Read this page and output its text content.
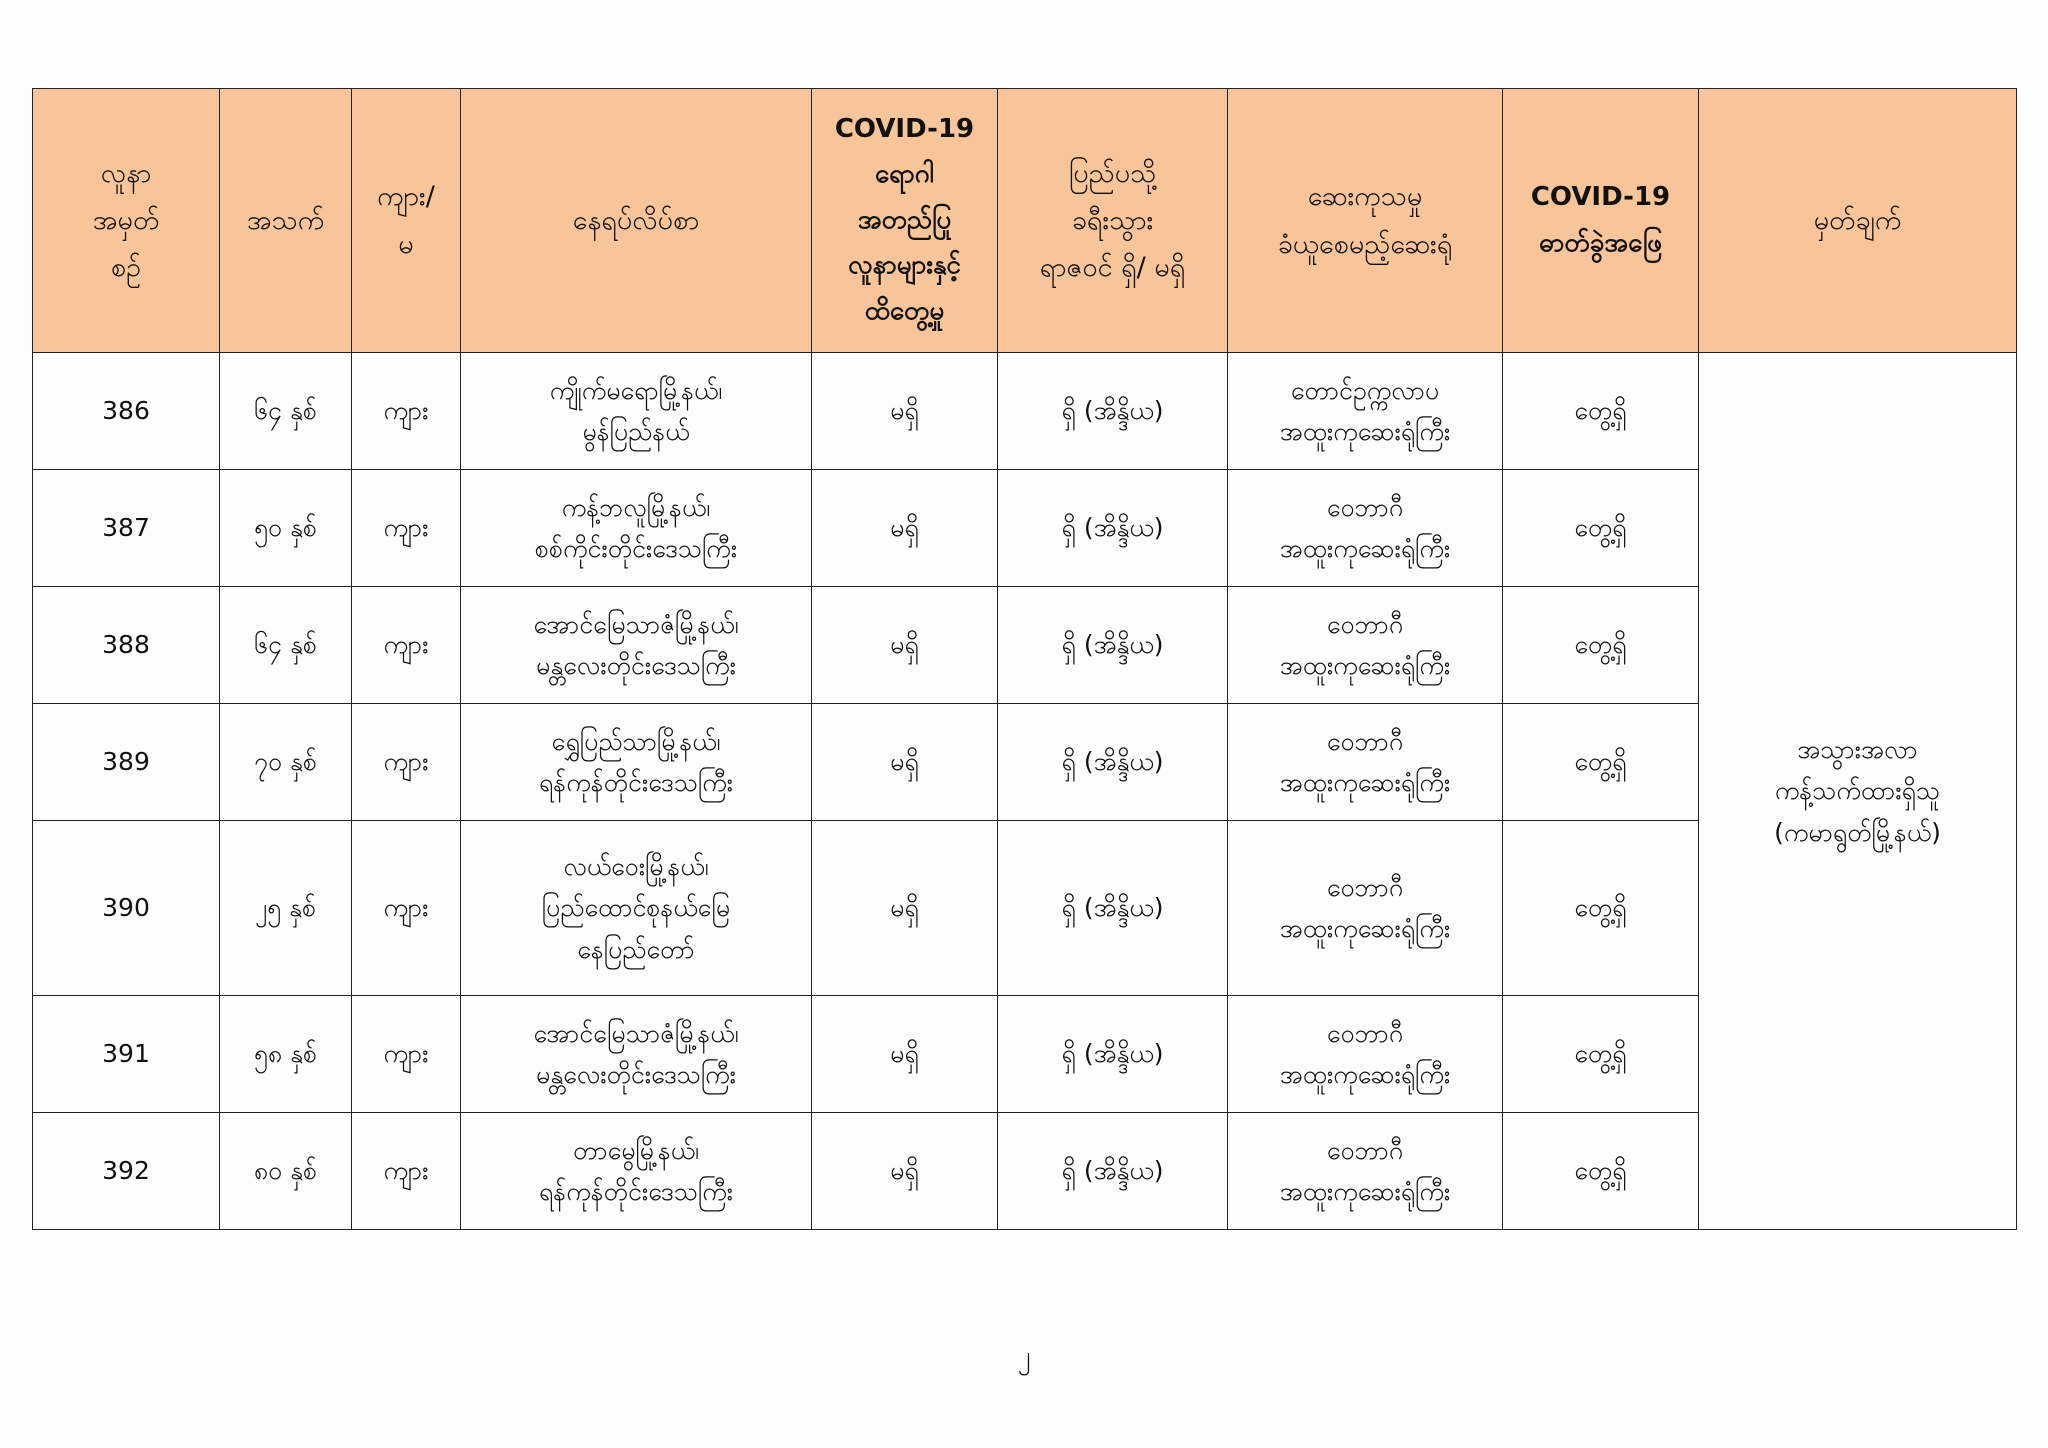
လူနာ
အမှတ်
စဉ်	အသက်	ကျား/
မ	နေရပ်လိပ်စာ	COVID-19
ရောဂါ
အတည်ပြု
လူနာများနှင့်
ထိတွေ့မှု	ပြည်ပသို့
ခရီးသွား
ရာဇဝင် ရှိ/ မရှိ	ဆေးကုသမှု
ခံယူစေမည့်ဆေးရုံ	COVID-19
ဓာတ်ခွဲအဖြေ	မှတ်ချက်
386	၆၄ နှစ်	ကျား	ကျိုက်မရောမြို့နယ်၊
မွန်ပြည်နယ်	မရှိ	ရှိ (အိန္ဒိယ)	တောင်ဥက္ကလာပ
အထူးကုဆေးရုံကြီး	တွေ့ရှိ	အသွားအလာ
ကန့်သက်ထားရှိသူ
(ကမာရွတ်မြို့နယ်)
387	၅၀ နှစ်	ကျား	ကန့်ဘလူမြို့နယ်၊
စစ်ကိုင်းတိုင်းဒေသကြီး	မရှိ	ရှိ (အိန္ဒိယ)	ဝေဘာဂီ
အထူးကုဆေးရုံကြီး	တွေ့ရှိ	
388	၆၄ နှစ်	ကျား	အောင်မြေသာဇံမြို့နယ်၊
မန္တလေးတိုင်းဒေသကြီး	မရှိ	ရှိ (အိန္ဒိယ)	ဝေဘာဂီ
အထူးကုဆေးရုံကြီး	တွေ့ရှိ	
389	၇၀ နှစ်	ကျား	ရွှေပြည်သာမြို့နယ်၊
ရန်ကုန်တိုင်းဒေသကြီး	မရှိ	ရှိ (အိန္ဒိယ)	ဝေဘာဂီ
အထူးကုဆေးရုံကြီး	တွေ့ရှိ	
390	၂၅ နှစ်	ကျား	လယ်ဝေးမြို့နယ်၊
ပြည်ထောင်စုနယ်မြေ
နေပြည်တော်	မရှိ	ရှိ (အိန္ဒိယ)	ဝေဘာဂီ
အထူးကုဆေးရုံကြီး	တွေ့ရှိ	
391	၅၈ နှစ်	ကျား	အောင်မြေသာဇံမြို့နယ်၊
မန္တလေးတိုင်းဒေသကြီး	မရှိ	ရှိ (အိန္ဒိယ)	ဝေဘာဂီ
အထူးကုဆေးရုံကြီး	တွေ့ရှိ	
392	၈၀ နှစ်	ကျား	တာမွေမြို့နယ်၊
ရန်ကုန်တိုင်းဒေသကြီး	မရှိ	ရှိ (အိန္ဒိယ)	ဝေဘာဂီ
အထူးကုဆေးရုံကြီး	တွေ့ရှိ	
၂
